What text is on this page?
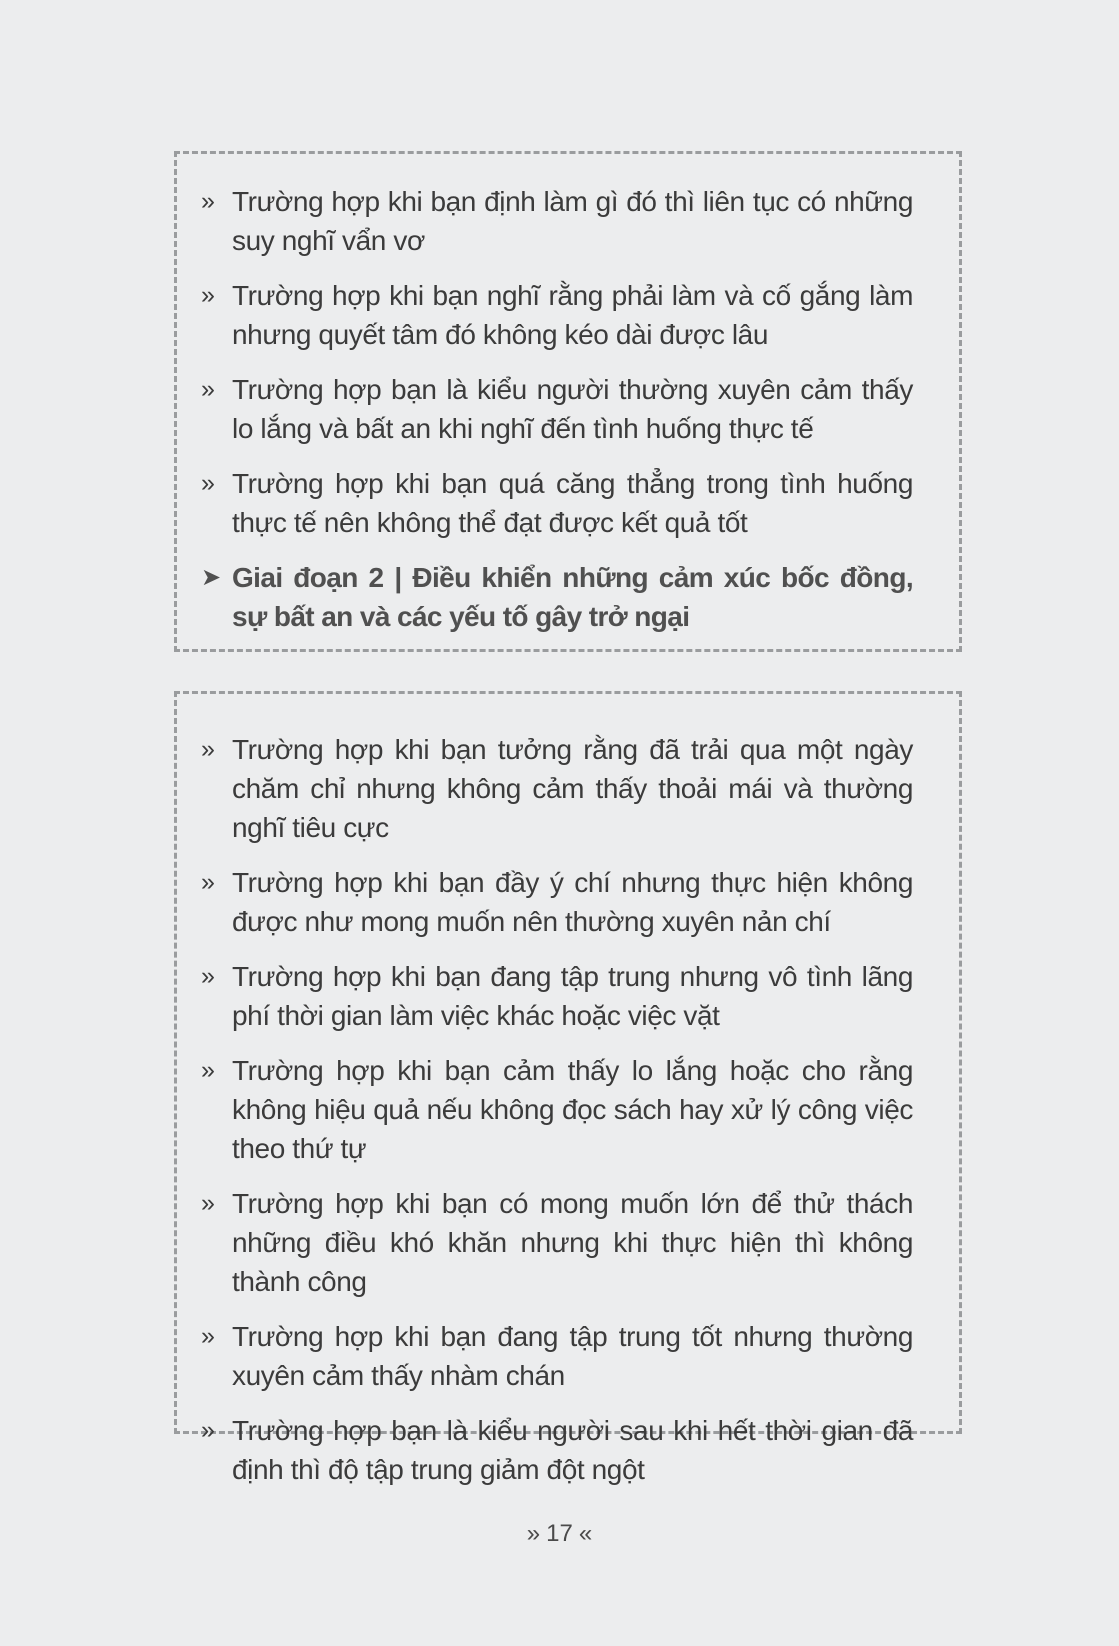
» Trường hợp khi bạn định làm gì đó thì liên tục có những suy nghĩ vẩn vơ
» Trường hợp khi bạn nghĩ rằng phải làm và cố gắng làm nhưng quyết tâm đó không kéo dài được lâu
» Trường hợp bạn là kiểu người thường xuyên cảm thấy lo lắng và bất an khi nghĩ đến tình huống thực tế
» Trường hợp khi bạn quá căng thẳng trong tình huống thực tế nên không thể đạt được kết quả tốt
➤ Giai đoạn 2 | Điều khiển những cảm xúc bốc đồng, sự bất an và các yếu tố gây trở ngại
» Trường hợp khi bạn tưởng rằng đã trải qua một ngày chăm chỉ nhưng không cảm thấy thoải mái và thường nghĩ tiêu cực
» Trường hợp khi bạn đầy ý chí nhưng thực hiện không được như mong muốn nên thường xuyên nản chí
» Trường hợp khi bạn đang tập trung nhưng vô tình lãng phí thời gian làm việc khác hoặc việc vặt
» Trường hợp khi bạn cảm thấy lo lắng hoặc cho rằng không hiệu quả nếu không đọc sách hay xử lý công việc theo thứ tự
» Trường hợp khi bạn có mong muốn lớn để thử thách những điều khó khăn nhưng khi thực hiện thì không thành công
» Trường hợp khi bạn đang tập trung tốt nhưng thường xuyên cảm thấy nhàm chán
» Trường hợp bạn là kiểu người sau khi hết thời gian đã định thì độ tập trung giảm đột ngột
» 17 «
